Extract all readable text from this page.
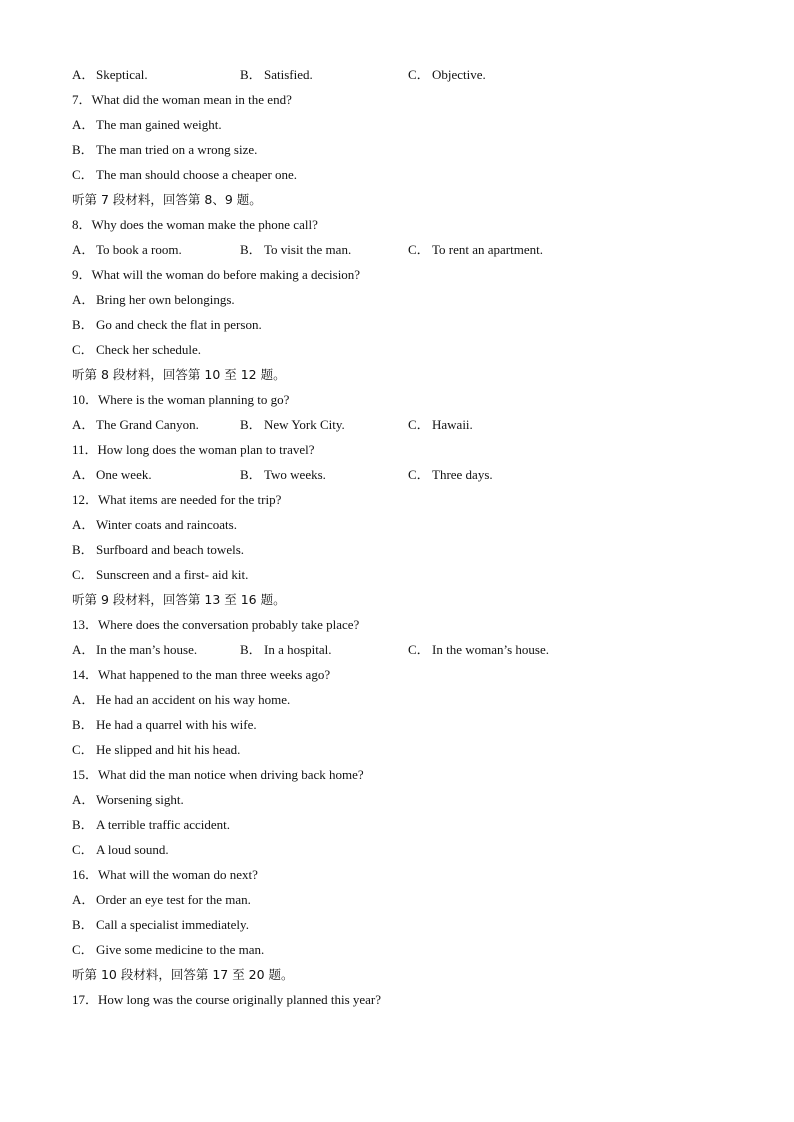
A． Skeptical.	B． Satisfied.	C． Objective.
7．What did the woman mean in the end?
A． The man gained weight.
B． The man tried on a wrong size.
C． The man should choose a cheaper one.
听第 7 段材料，回答第 8、9 题。
8．Why does the woman make the phone call?
A． To book a room.	B． To visit the man.	C． To rent an apartment.
9．What will the woman do before making a decision?
A． Bring her own belongings.
B． Go and check the flat in person.
C． Check her schedule.
听第 8 段材料，回答第 10 至 12 题。
10．Where is the woman planning to go?
A． The Grand Canyon.	B． New York City.	C． Hawaii.
11．How long does the woman plan to travel?
A． One week.	B． Two weeks.	C． Three days.
12．What items are needed for the trip?
A． Winter coats and raincoats.
B． Surfboard and beach towels.
C． Sunscreen and a first- aid kit.
听第 9 段材料，回答第 13 至 16 题。
13．Where does the conversation probably take place?
A． In the man’s house.	B． In a hospital.	C． In the woman’s house.
14．What happened to the man three weeks ago?
A． He had an accident on his way home.
B． He had a quarrel with his wife.
C． He slipped and hit his head.
15．What did the man notice when driving back home?
A． Worsening sight.
B． A terrible traffic accident.
C． A loud sound.
16．What will the woman do next?
A． Order an eye test for the man.
B． Call a specialist immediately.
C． Give some medicine to the man.
听第 10 段材料，回答第 17 至 20 题。
17．How long was the course originally planned this year?
